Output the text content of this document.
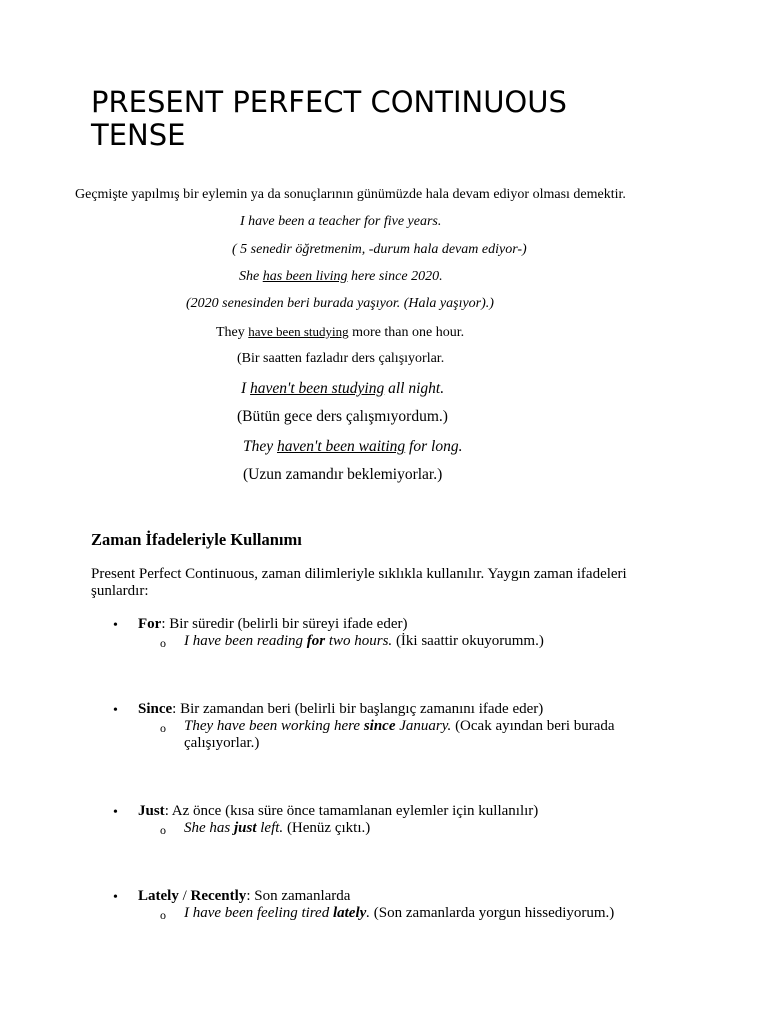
PRESENT PERFECT CONTINUOUS TENSE
Geçmişte yapılmış bir eylemin ya da sonuçlarının günümüzde hala devam ediyor olması demektir.
I have been a teacher for five years.
( 5 senedir öğretmenim, -durum hala devam ediyor-)
She has been living here since 2020.
(2020 senesinden beri burada yaşıyor. (Hala yaşıyor).)
They have been studying more than one hour.
(Bir saatten fazladır ders çalışıyorlar.
I haven't been studying all night.
(Bütün gece ders çalışmıyordum.)
They haven't been waiting for long.
(Uzun zamandır beklemiyorlar.)
Zaman İfadeleriyle Kullanımı
Present Perfect Continuous, zaman dilimleriyle sıklıkla kullanılır. Yaygın zaman ifadeleri şunlardır:
• For: Bir süredir (belirli bir süreyi ifade eder)
o I have been reading for two hours. (İki saattir okuyorumm.)
• Since: Bir zamandan beri (belirli bir başlangıç zamanını ifade eder)
o They have been working here since January. (Ocak ayından beri burada çalışıyorlar.)
• Just: Az önce (kısa süre önce tamamlanan eylemler için kullanılır)
o She has just left. (Henüz çıktı.)
• Lately / Recently: Son zamanlarda
o I have been feeling tired lately. (Son zamanlarda yorgun hissediyorum.)
